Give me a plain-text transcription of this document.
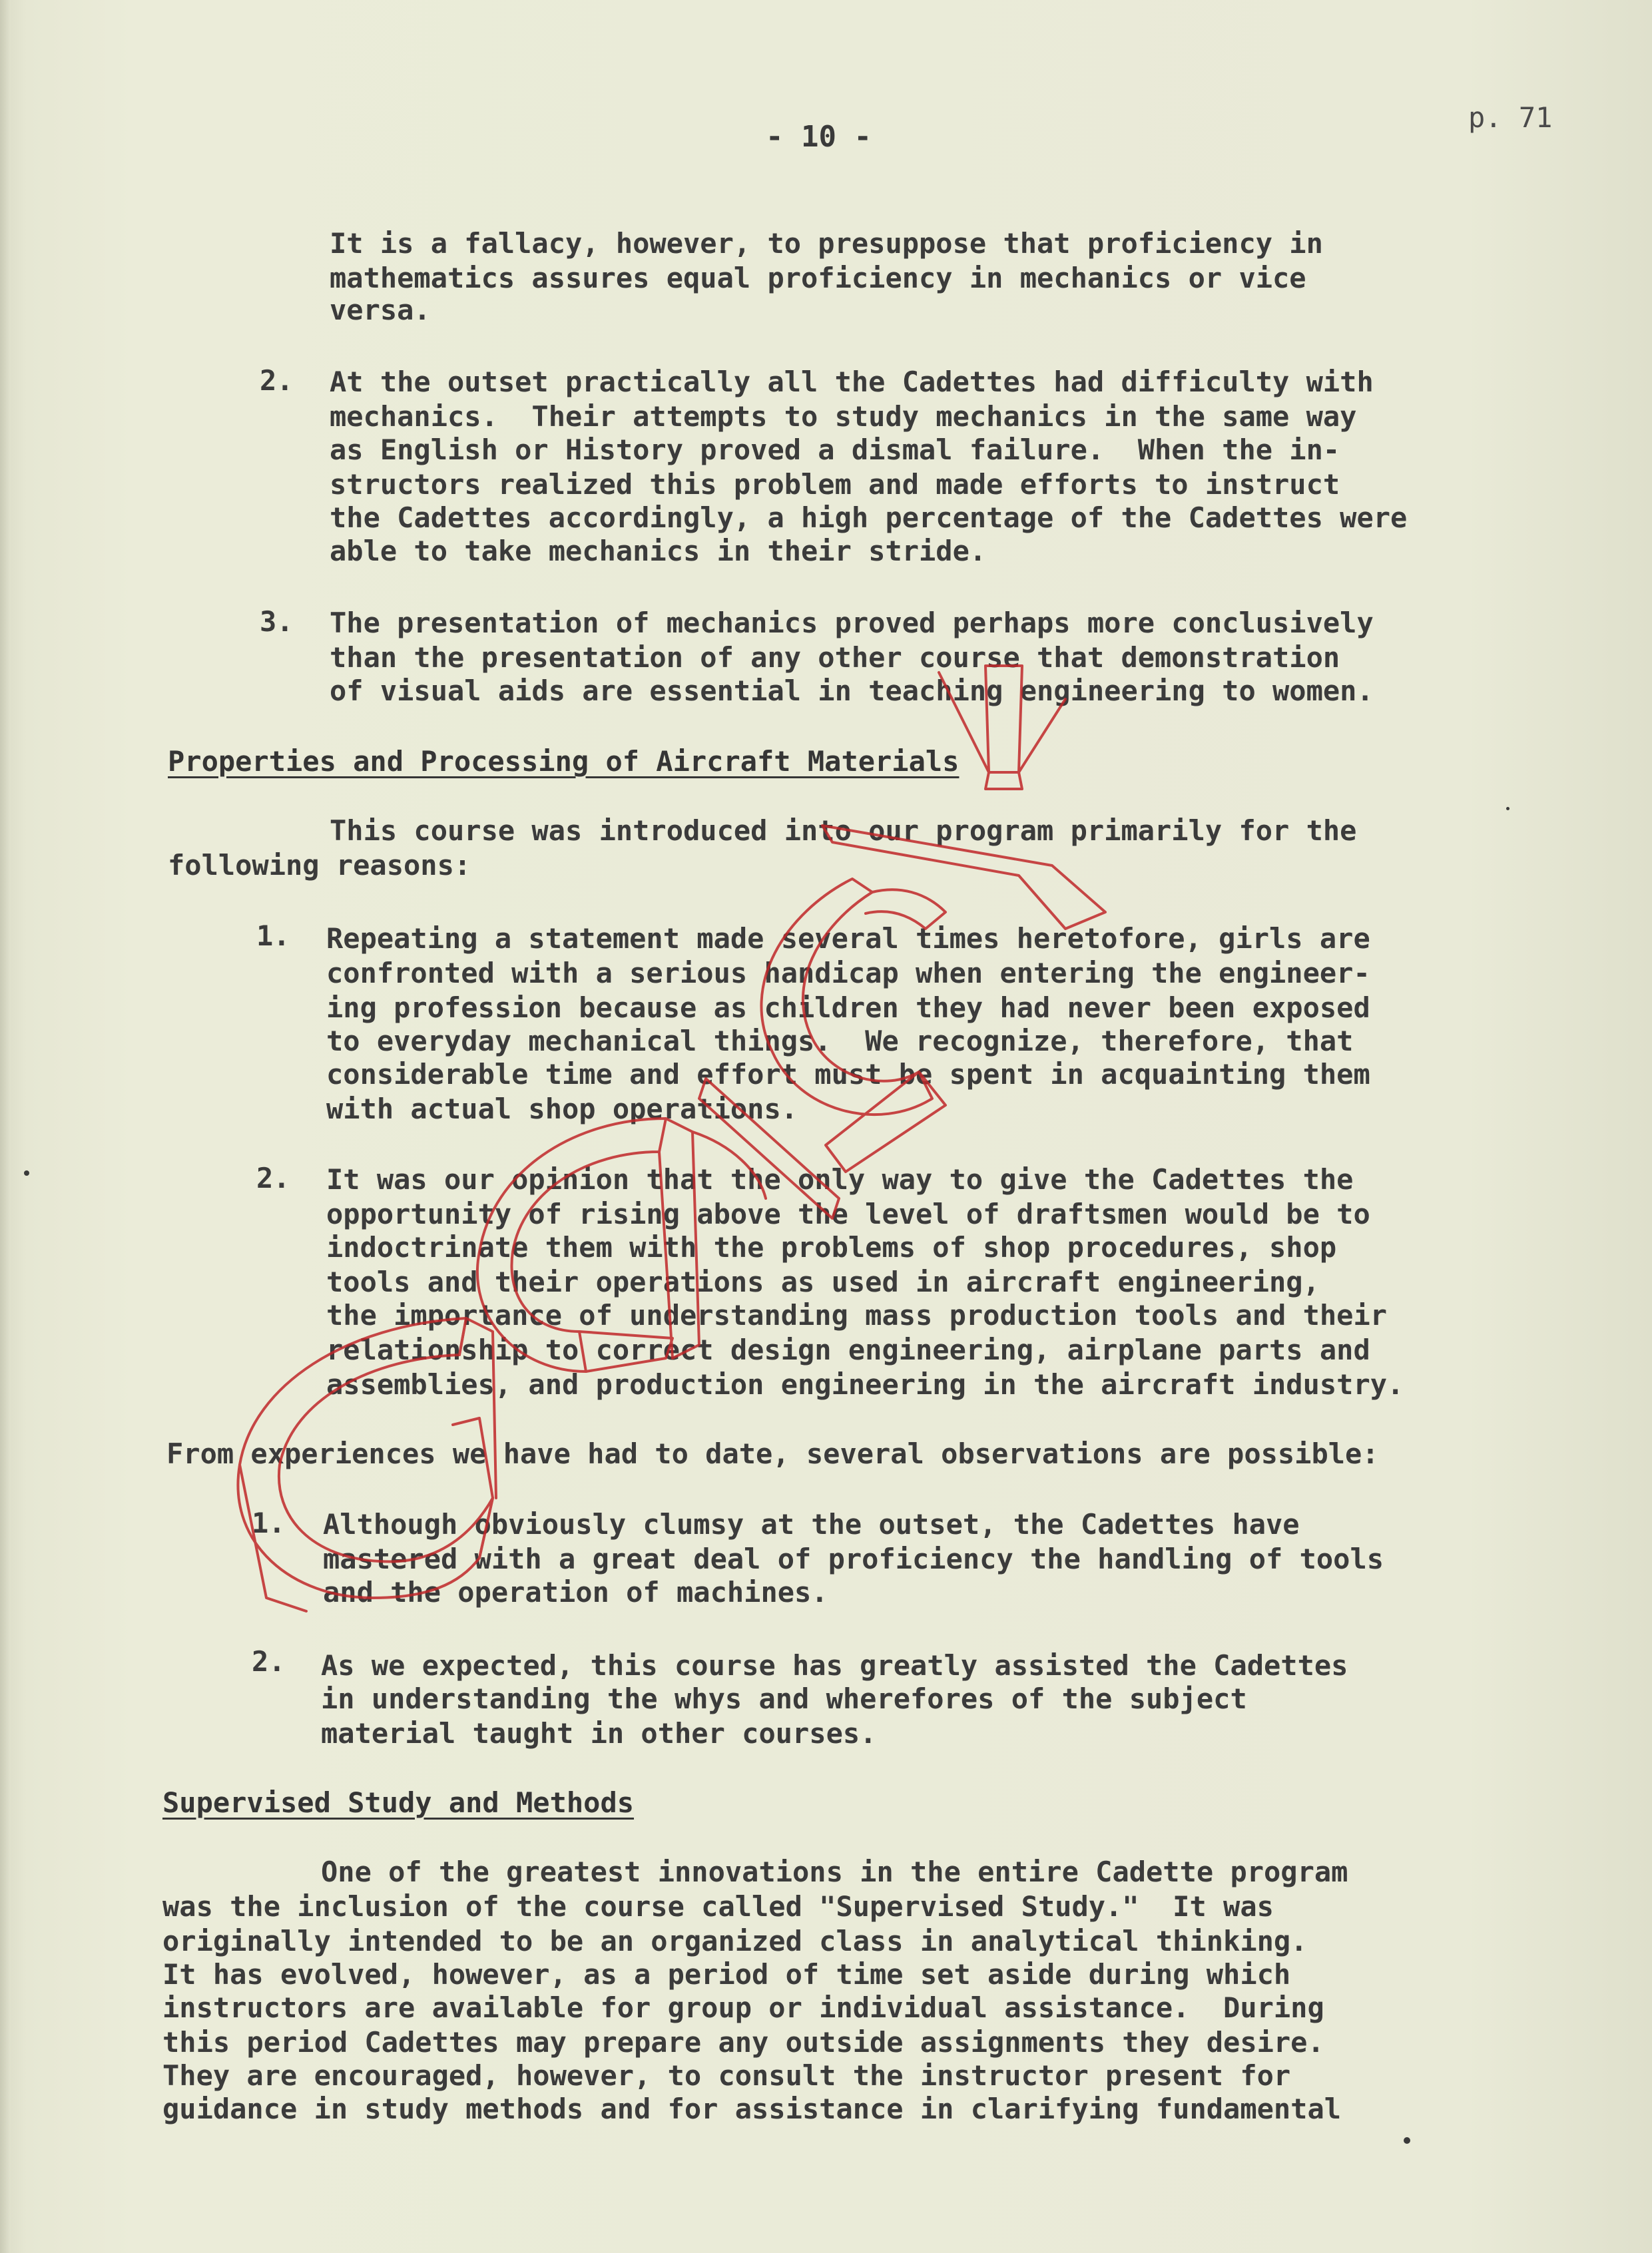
- 10 -
p. 71
It is a fallacy, however, to presuppose that proficiency in
mathematics assures equal proficiency in mechanics or vice
versa.
2. At the outset practically all the Cadettes had difficulty with
mechanics.  Their attempts to study mechanics in the same way
as English or History proved a dismal failure.  When the in-
structors realized this problem and made efforts to instruct
the Cadettes accordingly, a high percentage of the Cadettes were
able to take mechanics in their stride.
3. The presentation of mechanics proved perhaps more conclusively
than the presentation of any other course that demonstration
of visual aids are essential in teaching engineering to women.
Properties and Processing of Aircraft Materials
This course was introduced into our program primarily for the
following reasons:
1. Repeating a statement made several times heretofore, girls are
confronted with a serious handicap when entering the engineer-
ing profession because as children they had never been exposed
to everyday mechanical things.  We recognize, therefore, that
considerable time and effort must be spent in acquainting them
with actual shop operations.
2. It was our opinion that the only way to give the Cadettes the
opportunity of rising above the level of draftsmen would be to
indoctrinate them with the problems of shop procedures, shop
tools and their operations as used in aircraft engineering,
the importance of understanding mass production tools and their
relationship to correct design engineering, airplane parts and
assemblies, and production engineering in the aircraft industry.
From experiences we have had to date, several observations are possible:
1. Although obviously clumsy at the outset, the Cadettes have
mastered with a great deal of proficiency the handling of tools
and the operation of machines.
2. As we expected, this course has greatly assisted the Cadettes
in understanding the whys and wherefores of the subject
material taught in other courses.
Supervised Study and Methods
One of the greatest innovations in the entire Cadette program
was the inclusion of the course called "Supervised Study."  It was
originally intended to be an organized class in analytical thinking.
It has evolved, however, as a period of time set aside during which
instructors are available for group or individual assistance.  During
this period Cadettes may prepare any outside assignments they desire.
They are encouraged, however, to consult the instructor present for
guidance in study methods and for assistance in clarifying fundamental
